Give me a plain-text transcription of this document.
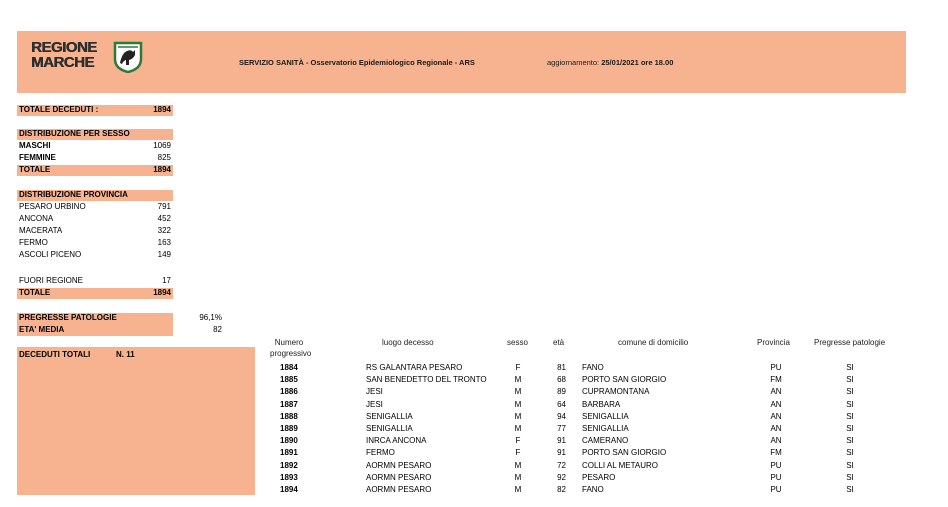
REGIONE
MARCHE	SERVIZIO SANITÀ - Osservatorio Epidemiologico Regionale - ARS	aggiornamento: 25/01/2021 ore 18.00
TOTALE DECEDUTI :	1894
DISTRIBUZIONE PER SESSO
MASCHI	1069
FEMMINE	825
TOTALE	1894
DISTRIBUZIONE PROVINCIA
PESARO URBINO	791
ANCONA	452
MACERATA	322
FERMO	163
ASCOLI PICENO	149
FUORI REGIONE	17
TOTALE	1894
PREGRESSE PATOLOGIE	96,1%
ETA' MEDIA	82
DECEDUTI TOTALI	N. 11
Numero
progressivo
luogo decesso	sesso	età	comune di domicilio	Provincia	Pregresse patologie
1884	RS GALANTARA PESARO	F	81 FANO	PU	SI
1885	SAN BENEDETTO DEL TRONTO	M	68 PORTO SAN GIORGIO	FM	SI
1886	JESI	M	89 CUPRAMONTANA	AN	SI
1887	JESI	M	64 BARBARA	AN	SI
1888	SENIGALLIA	M	94 SENIGALLIA	AN	SI
1889	SENIGALLIA	M	77 SENIGALLIA	AN	SI
1890	INRCA ANCONA	F	91 CAMERANO	AN	SI
1891	FERMO	F	91 PORTO SAN GIORGIO	FM	SI
1892	AORMN PESARO	M	72 COLLI AL METAURO	PU	SI
1893	AORMN PESARO	M	92 PESARO	PU	SI
1894	AORMN PESARO	M	82 FANO	PU	SI
